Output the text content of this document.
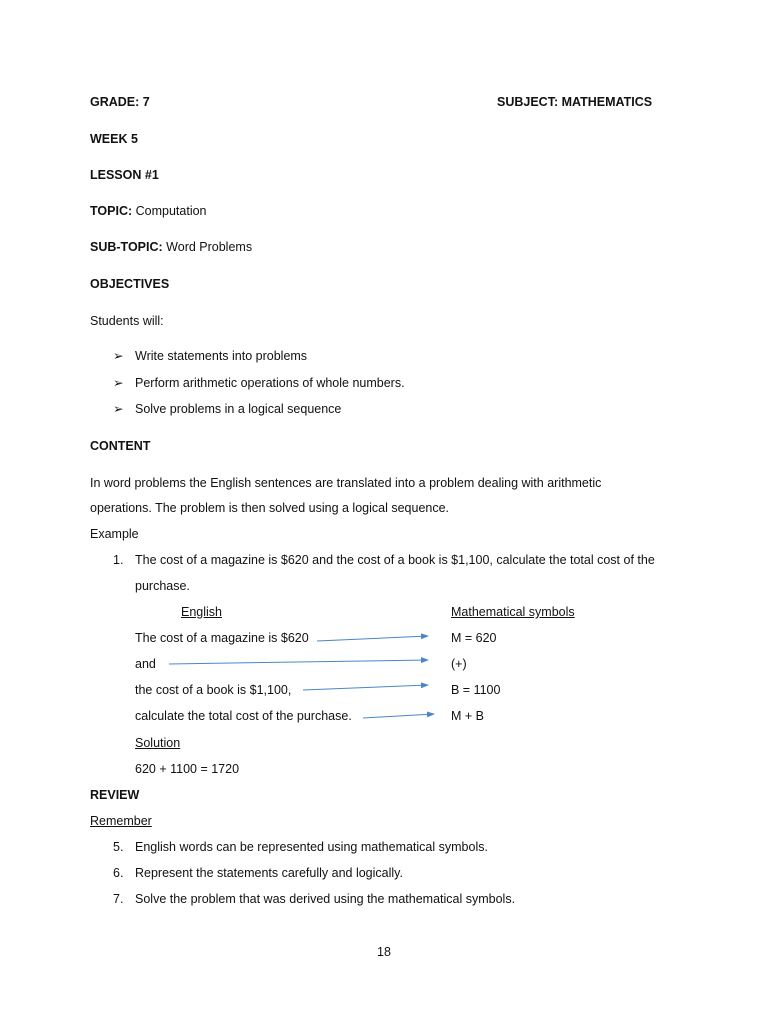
GRADE: 7	SUBJECT: MATHEMATICS
WEEK 5
LESSON #1
TOPIC: Computation
SUB-TOPIC: Word Problems
OBJECTIVES
Students will:
➢ Write statements into problems
➢ Perform arithmetic operations of whole numbers.
➢ Solve problems in a logical sequence
CONTENT
In word problems the English sentences are translated into a problem dealing with arithmetic
operations. The problem is then solved using a logical sequence.
Example
1. The cost of a magazine is $620 and the cost of a book is $1,100, calculate the total cost of the
purchase.
English	Mathematical symbols
The cost of a magazine is $620	M = 620
and	(+)
the cost of a book is $1,100,	B = 1100
calculate the total cost of the purchase.	M + B
Solution
620 + 1100 = 1720
REVIEW
Remember
5. English words can be represented using mathematical symbols.
6. Represent the statements carefully and logically.
7. Solve the problem that was derived using the mathematical symbols.
18
